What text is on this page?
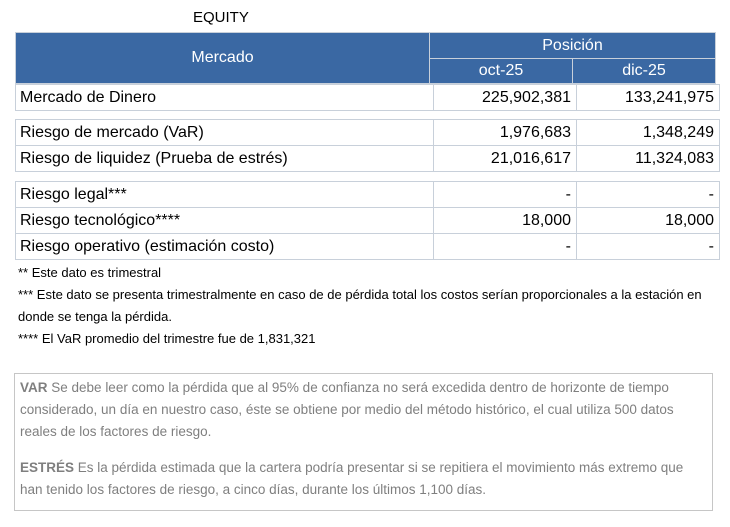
EQUITY
Mercado	Posición	
	oct-25	dic-25
Mercado de Dinero	225,902,381	133,241,975
Riesgo de mercado (VaR)	1,976,683	1,348,249
Riesgo de liquidez (Prueba de estrés)	21,016,617	11,324,083
Riesgo legal***	-	-
Riesgo tecnológico****	18,000	18,000
Riesgo operativo (estimación costo)	-	-

** Este dato es trimestral

*** Este dato se presenta trimestralmente en caso de de pérdida total los costos serían proporcionales a la estación en donde se tenga la pérdida.

**** El VaR promedio del trimestre fue de 1,831,321

VAR Se debe leer como la pérdida que al 95% de confianza no será excedida dentro de horizonte de tiempo considerado, un día en nuestro caso, éste se obtiene por medio del método histórico, el cual utiliza 500 datos reales de los factores de riesgo.

ESTRÉS Es la pérdida estimada que la cartera podría presentar si se repitiera el movimiento más extremo que han tenido los factores de riesgo, a cinco días, durante los últimos 1,100 días.
